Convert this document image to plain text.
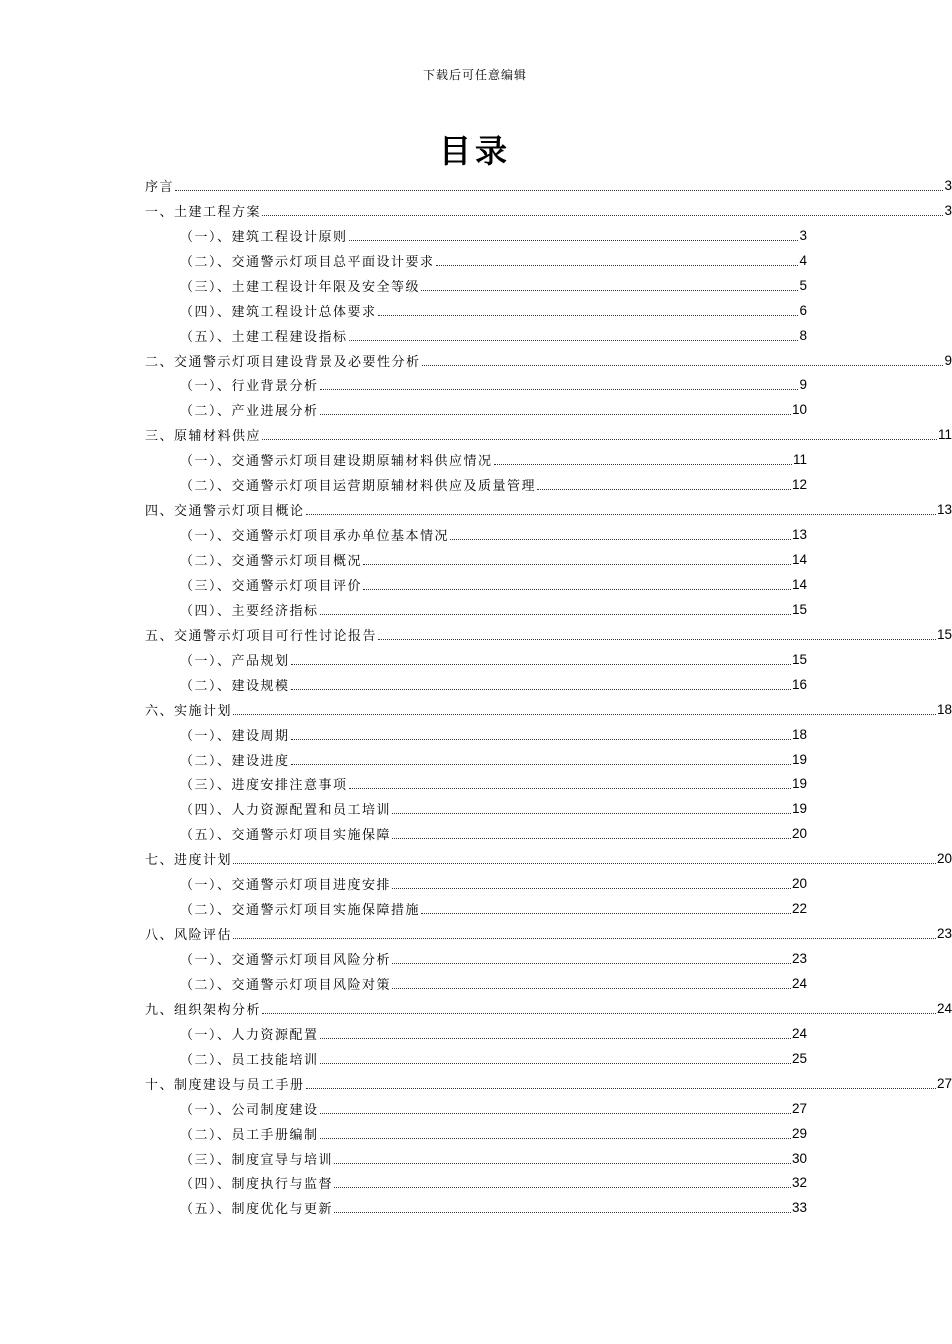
下载后可任意编辑
目录
序言	3
一、土建工程方案	3
（一）、建筑工程设计原则	3
（二）、交通警示灯项目总平面设计要求	4
（三）、土建工程设计年限及安全等级	5
（四）、建筑工程设计总体要求	6
（五）、土建工程建设指标	8
二、交通警示灯项目建设背景及必要性分析	9
（一）、行业背景分析	9
（二）、产业进展分析	10
三、原辅材料供应	11
（一）、交通警示灯项目建设期原辅材料供应情况	11
（二）、交通警示灯项目运营期原辅材料供应及质量管理	12
四、交通警示灯项目概论	13
（一）、交通警示灯项目承办单位基本情况	13
（二）、交通警示灯项目概况	14
（三）、交通警示灯项目评价	14
（四）、主要经济指标	15
五、交通警示灯项目可行性讨论报告	15
（一）、产品规划	15
（二）、建设规模	16
六、实施计划	18
（一）、建设周期	18
（二）、建设进度	19
（三）、进度安排注意事项	19
（四）、人力资源配置和员工培训	19
（五）、交通警示灯项目实施保障	20
七、进度计划	20
（一）、交通警示灯项目进度安排	20
（二）、交通警示灯项目实施保障措施	22
八、风险评估	23
（一）、交通警示灯项目风险分析	23
（二）、交通警示灯项目风险对策	24
九、组织架构分析	24
（一）、人力资源配置	24
（二）、员工技能培训	25
十、制度建设与员工手册	27
（一）、公司制度建设	27
（二）、员工手册编制	29
（三）、制度宣导与培训	30
（四）、制度执行与监督	32
（五）、制度优化与更新	33
